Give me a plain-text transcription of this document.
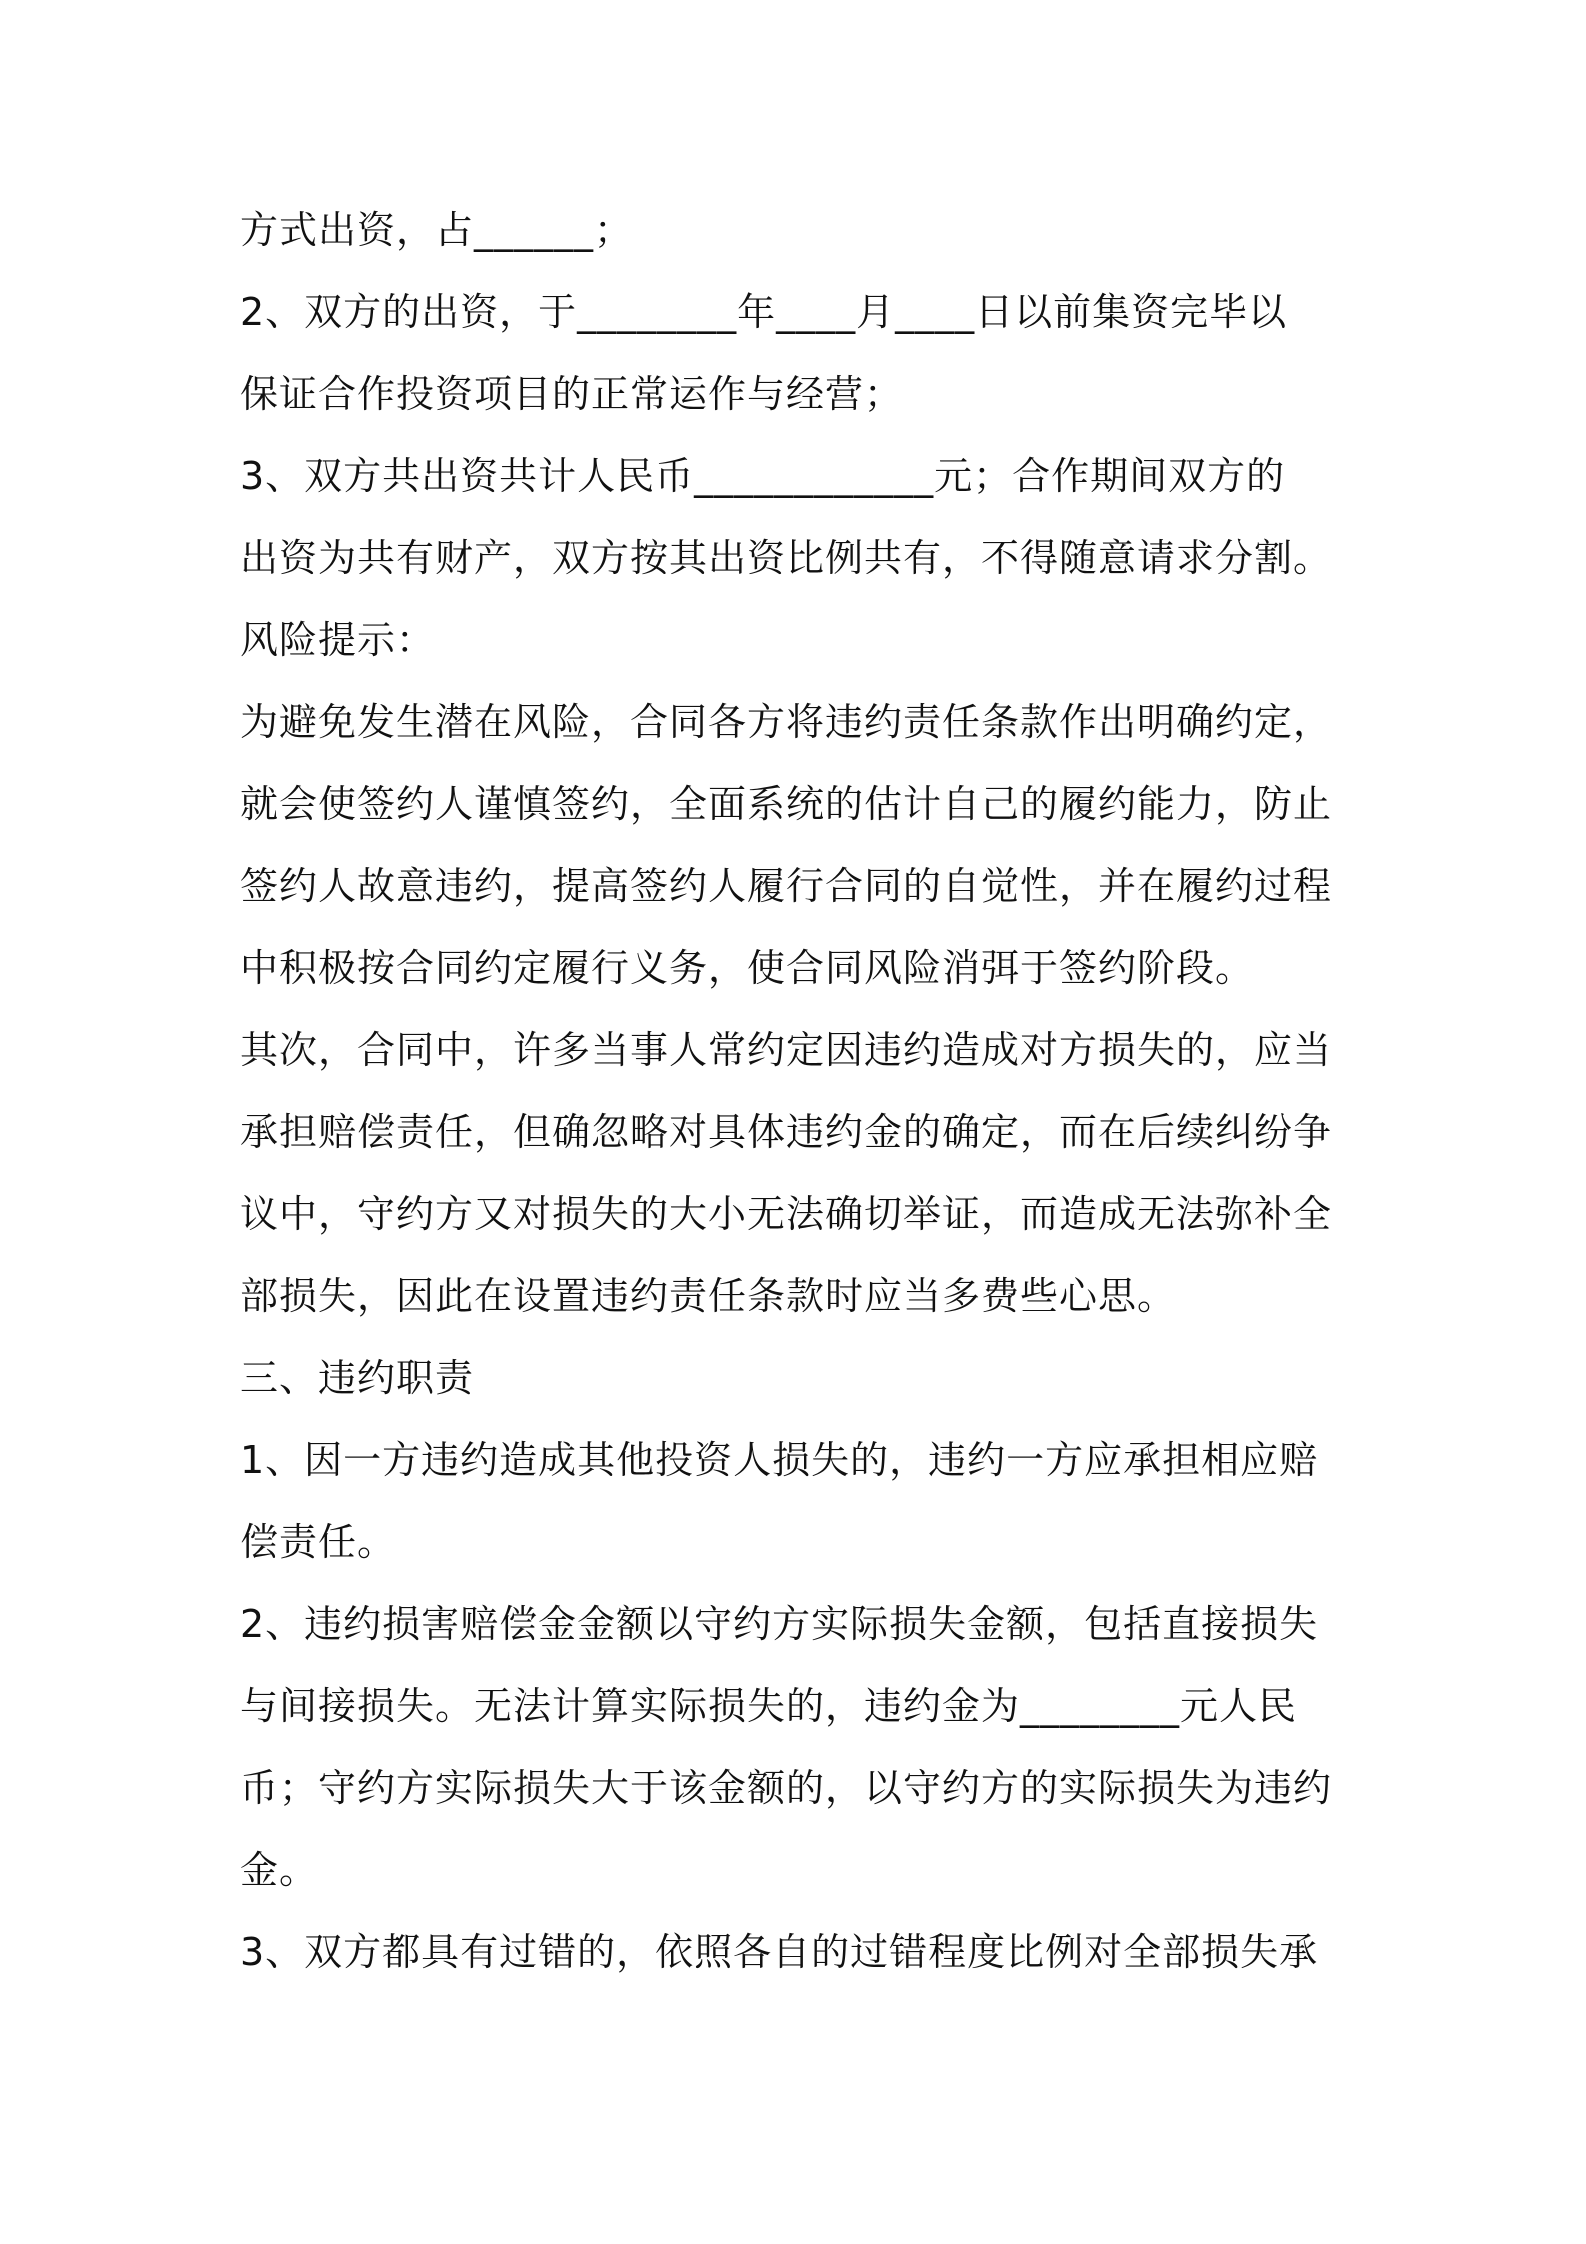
方式出资，占______；
2、双方的出资，于________年____月____日以前集资完毕以
保证合作投资项目的正常运作与经营；
3、双方共出资共计人民币____________元；合作期间双方的
出资为共有财产，双方按其出资比例共有，不得随意请求分割。
风险提示：
为避免发生潜在风险，合同各方将违约责任条款作出明确约定，
就会使签约人谨慎签约，全面系统的估计自己的履约能力，防止
签约人故意违约，提高签约人履行合同的自觉性，并在履约过程
中积极按合同约定履行义务，使合同风险消弭于签约阶段。
其次，合同中，许多当事人常约定因违约造成对方损失的，应当
承担赔偿责任，但确忽略对具体违约金的确定，而在后续纠纷争
议中，守约方又对损失的大小无法确切举证，而造成无法弥补全
部损失，因此在设置违约责任条款时应当多费些心思。
三、违约职责
1、因一方违约造成其他投资人损失的，违约一方应承担相应赔
偿责任。
2、违约损害赔偿金金额以守约方实际损失金额，包括直接损失
与间接损失。无法计算实际损失的，违约金为________元人民
币；守约方实际损失大于该金额的，以守约方的实际损失为违约
金。
3、双方都具有过错的，依照各自的过错程度比例对全部损失承
